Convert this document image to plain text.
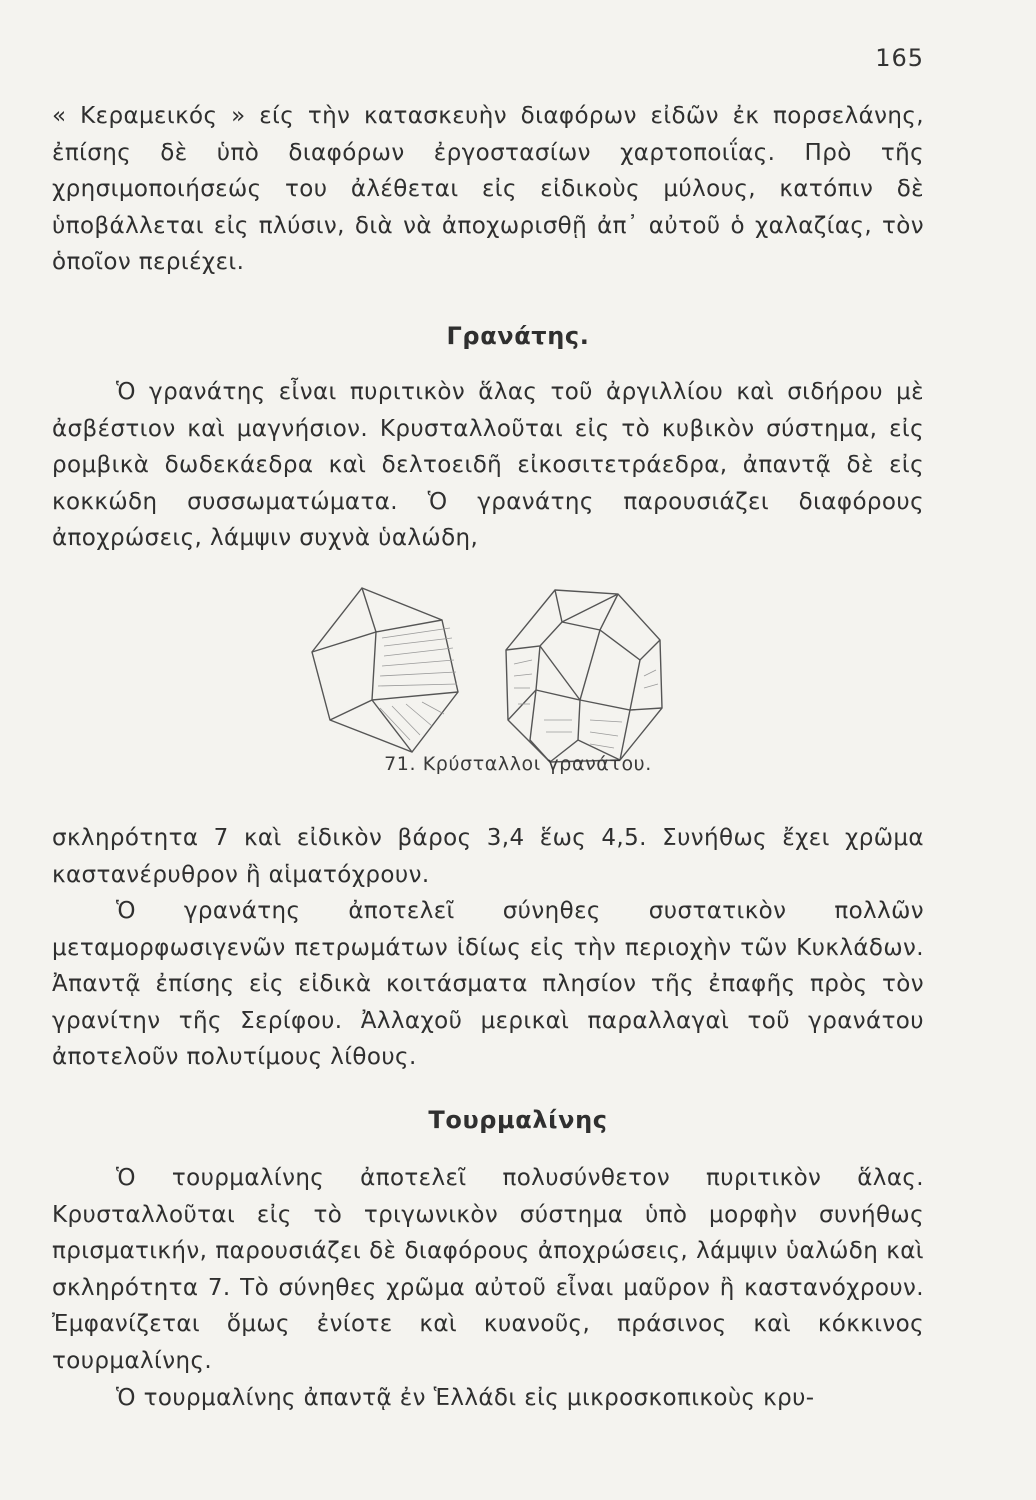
165

« Κεραμεικός » είς τὴν κατασκευὴν διαφόρων εἰδῶν ἐκ πορσελάνης, ἐπίσης δὲ ὑπὸ διαφόρων ἐργοστασίων χαρτοποιΐας. Πρὸ τῆς χρησιμοποιήσεώς του ἀλέθεται εἰς εἰδικοὺς μύλους, κατόπιν δὲ ὑποβάλλεται εἰς πλύσιν, διὰ νὰ ἀποχωρισθῇ ἀπ᾿ αὐτοῦ ὁ χαλαζίας, τὸν ὁποῖον περιέχει.

Γρανάτης.

Ὁ γρανάτης εἶναι πυριτικὸν ἅλας τοῦ ἀργιλλίου καὶ σιδήρου μὲ ἀσβέστιον καὶ μαγνήσιον. Κρυσταλλοῦται εἰς τὸ κυβικὸν σύστημα, εἰς ρομβικὰ δωδεκάεδρα καὶ δελτοειδῆ εἰκοσιτετράεδρα, ἀπαντᾷ δὲ εἰς κοκκώδη συσσωματώματα. Ὁ γρανάτης παρουσιάζει διαφόρους ἀποχρώσεις, λάμψιν συχνὰ ὑαλώδη,

71. Κρύσταλλοι γρανάτου.

σκληρότητα 7 καὶ εἰδικὸν βάρος 3,4 ἕως 4,5. Συνήθως ἔχει χρῶμα καστανέρυθρον ἢ αἱματόχρουν.

Ὁ γρανάτης ἀποτελεῖ σύνηθες συστατικὸν πολλῶν μεταμορφωσιγενῶν πετρωμάτων ἰδίως εἰς τὴν περιοχὴν τῶν Κυκλάδων. Ἀπαντᾷ ἐπίσης εἰς εἰδικὰ κοιτάσματα πλησίον τῆς ἐπαφῆς πρὸς τὸν γρανίτην τῆς Σερίφου. Ἀλλαχοῦ μερικαὶ παραλλαγαὶ τοῦ γρανάτου ἀποτελοῦν πολυτίμους λίθους.

Τουρμαλίνης

Ὁ τουρμαλίνης ἀποτελεῖ πολυσύνθετον πυριτικὸν ἅλας. Κρυσταλλοῦται εἰς τὸ τριγωνικὸν σύστημα ὑπὸ μορφὴν συνήθως πρισματικήν, παρουσιάζει δὲ διαφόρους ἀποχρώσεις, λάμψιν ὑαλώδη καὶ σκληρότητα 7. Τὸ σύνηθες χρῶμα αὐτοῦ εἶναι μαῦρον ἢ καστανόχρουν. Ἐμφανίζεται ὅμως ἐνίοτε καὶ κυανοῦς, πράσινος καὶ κόκκινος τουρμαλίνης.

Ὁ τουρμαλίνης ἀπαντᾷ ἐν Ἑλλάδι εἰς μικροσκοπικοὺς κρυ-
